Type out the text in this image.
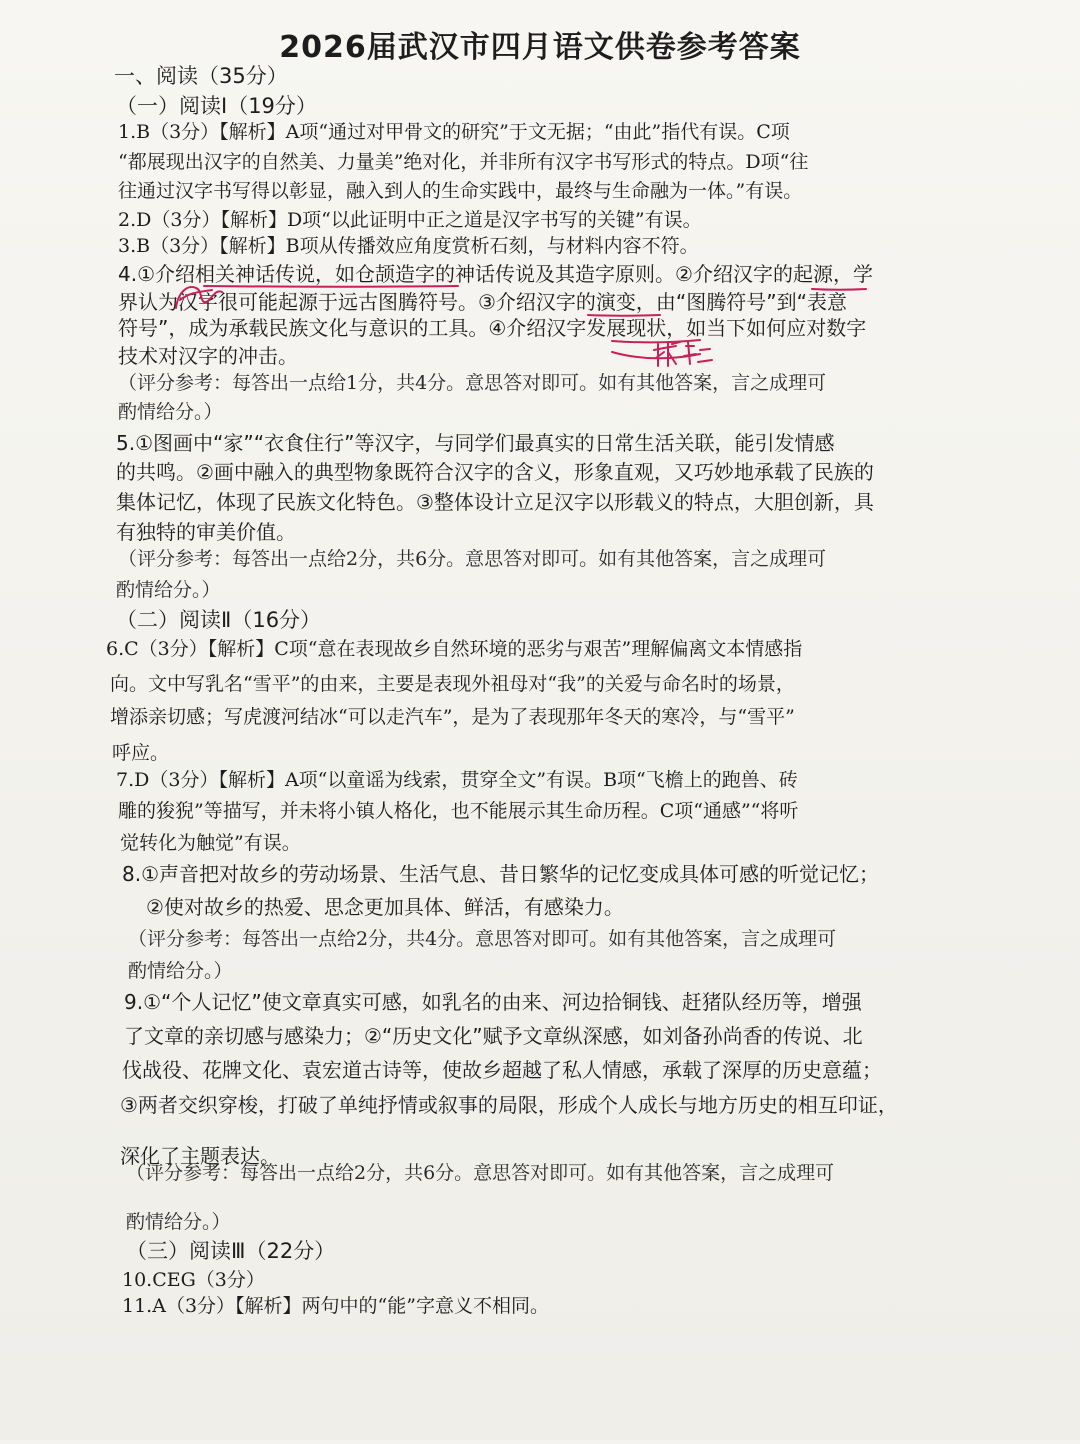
2026届武汉市四月语文供卷参考答案
一、阅读（35分）
（一）阅读Ⅰ（19分）
1.B（3分）【解析】A项“通过对甲骨文的研究”于文无据；“由此”指代有误。C项
“都展现出汉字的自然美、力量美”绝对化，并非所有汉字书写形式的特点。D项“往
往通过汉字书写得以彰显，融入到人的生命实践中，最终与生命融为一体。”有误。
2.D（3分）【解析】D项“以此证明中正之道是汉字书写的关键”有误。
3.B（3分）【解析】B项从传播效应角度赏析石刻，与材料内容不符。
4.①介绍相关神话传说，如仓颉造字的神话传说及其造字原则。②介绍汉字的起源，学
界认为汉字很可能起源于远古图腾符号。③介绍汉字的演变，由“图腾符号”到“表意
符号”，成为承载民族文化与意识的工具。④介绍汉字发展现状，如当下如何应对数字
技术对汉字的冲击。
（评分参考：每答出一点给1分，共4分。意思答对即可。如有其他答案，言之成理可
酌情给分。）
5.①图画中“家”“衣食住行”等汉字，与同学们最真实的日常生活关联，能引发情感
的共鸣。②画中融入的典型物象既符合汉字的含义，形象直观，又巧妙地承载了民族的
集体记忆，体现了民族文化特色。③整体设计立足汉字以形载义的特点，大胆创新，具
有独特的审美价值。
（评分参考：每答出一点给2分，共6分。意思答对即可。如有其他答案，言之成理可
酌情给分。）
（二）阅读Ⅱ（16分）
6.C（3分）【解析】C项“意在表现故乡自然环境的恶劣与艰苦”理解偏离文本情感指
向。文中写乳名“雪平”的由来，主要是表现外祖母对“我”的关爱与命名时的场景，
增添亲切感；写虎渡河结冰“可以走汽车”，是为了表现那年冬天的寒冷，与“雪平”
呼应。
7.D（3分）【解析】A项“以童谣为线索，贯穿全文”有误。B项“飞檐上的跑兽、砖
雕的狻猊”等描写，并未将小镇人格化，也不能展示其生命历程。C项“通感”“将听
觉转化为触觉”有误。
8.①声音把对故乡的劳动场景、生活气息、昔日繁华的记忆变成具体可感的听觉记忆；
②使对故乡的热爱、思念更加具体、鲜活，有感染力。
（评分参考：每答出一点给2分，共4分。意思答对即可。如有其他答案，言之成理可
酌情给分。）
9.①“个人记忆”使文章真实可感，如乳名的由来、河边拾铜钱、赶猪队经历等，增强
了文章的亲切感与感染力；②“历史文化”赋予文章纵深感，如刘备孙尚香的传说、北
伐战役、花牌文化、袁宏道古诗等，使故乡超越了私人情感，承载了深厚的历史意蕴；
③两者交织穿梭，打破了单纯抒情或叙事的局限，形成个人成长与地方历史的相互印证，
深化了主题表达。
（评分参考：每答出一点给2分，共6分。意思答对即可。如有其他答案，言之成理可
酌情给分。）
（三）阅读Ⅲ（22分）
10.CEG（3分）
11.A（3分）【解析】两句中的“能”字意义不相同。
